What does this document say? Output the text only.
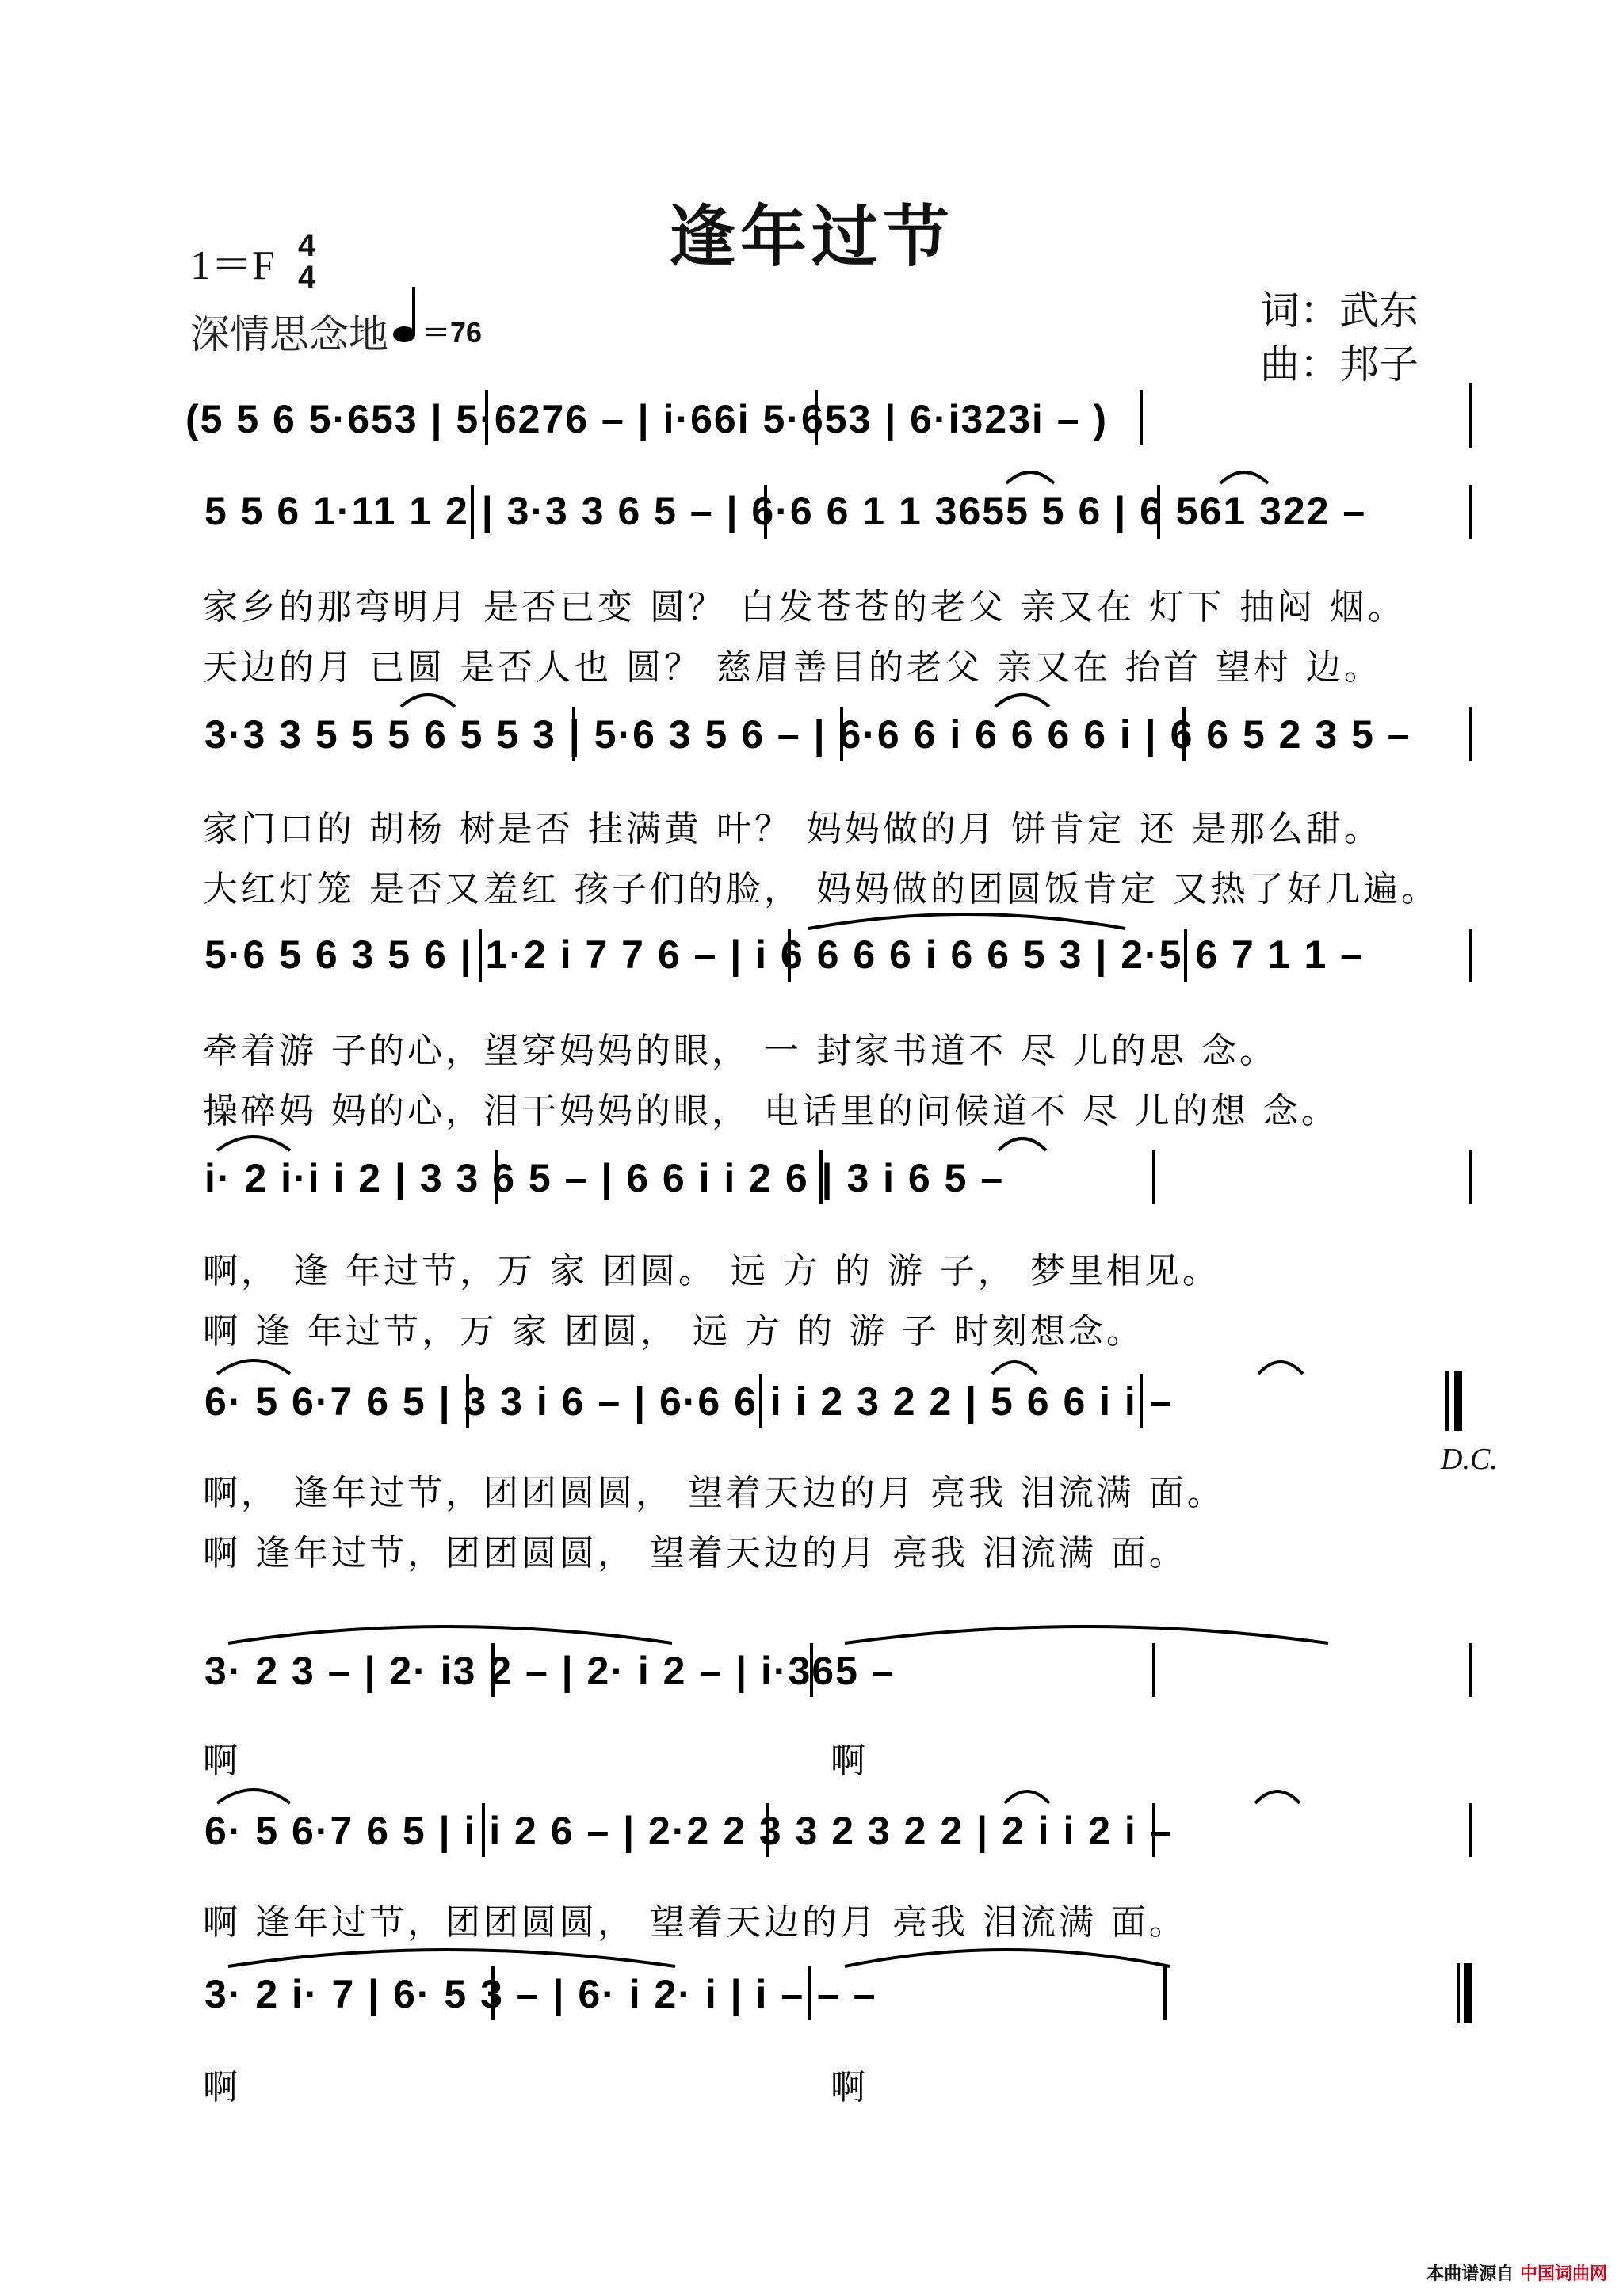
逢年过节
1＝F 4
4
深情思念地 ＝76	词：武东
曲：邦子
(5 5 6 5·653 | 5·6276 – | i·66i 5·653 | 6·i323i – )
5 5 6 1·11 1 2 | 3·3 3 6 5 – | 6·6 6 1 1 3655 5 6 | 6 561 322 –
家乡的那弯明月 是否已变 圆？ 白发苍苍的老父 亲又在 灯下 抽闷 烟。
天边的月 已圆 是否人也 圆？ 慈眉善目的老父 亲又在 抬首 望村 边。
3·3 3 5 5 5 6 5 5 3 | 5·6 3 5 6 – | 6·6 6 i 6 6 6 6 i | 6 6 5 2 3 5 –
家门口的 胡杨 树是否 挂满黄 叶？ 妈妈做的月 饼肯定 还 是那么甜。
大红灯笼 是否又羞红 孩子们的脸， 妈妈做的团圆饭肯定 又热了好几遍。
5·6 5 6 3 5 6 | 1·2 i 7 7 6 – | i 6 6 6 6 i 6 6 5 3 | 2·5 6 7 1 1 –
牵着游 子的心，望穿妈妈的眼， 一 封家书道不 尽 儿的思 念。
操碎妈 妈的心，泪干妈妈的眼， 电话里的问候道不 尽 儿的想 念。
i· 2 i·i i 2 | 3 3 6 5 – | 6 6 i i 2 6 | 3 i 6 5 –
啊， 逢 年过节，万 家 团圆。 远 方 的 游 子， 梦里相见。
啊 逢 年过节，万 家 团圆， 远 方 的 游 子 时刻想念。
6· 5 6·7 6 5 | 3 3 i 6 – | 6·6 6 i i 2 3 2 2 | 5 6 6 i i –
D.C.
啊， 逢年过节，团团圆圆， 望着天边的月 亮我 泪流满 面。
啊 逢年过节，团团圆圆， 望着天边的月 亮我 泪流满 面。
3· 2 3 – | 2· i3 2 – | 2· i 2 – | i·365 –
啊	啊
6· 5 6·7 6 5 | i i 2 6 – | 2·2 2 3 3 2 3 2 2 | 2 i i 2 i –
啊 逢年过节，团团圆圆， 望着天边的月 亮我 泪流满 面。
3· 2 i· 7 | 6· 5 3 – | 6· i 2· i | i – – –
啊	啊
本曲谱源自 中国词曲网
